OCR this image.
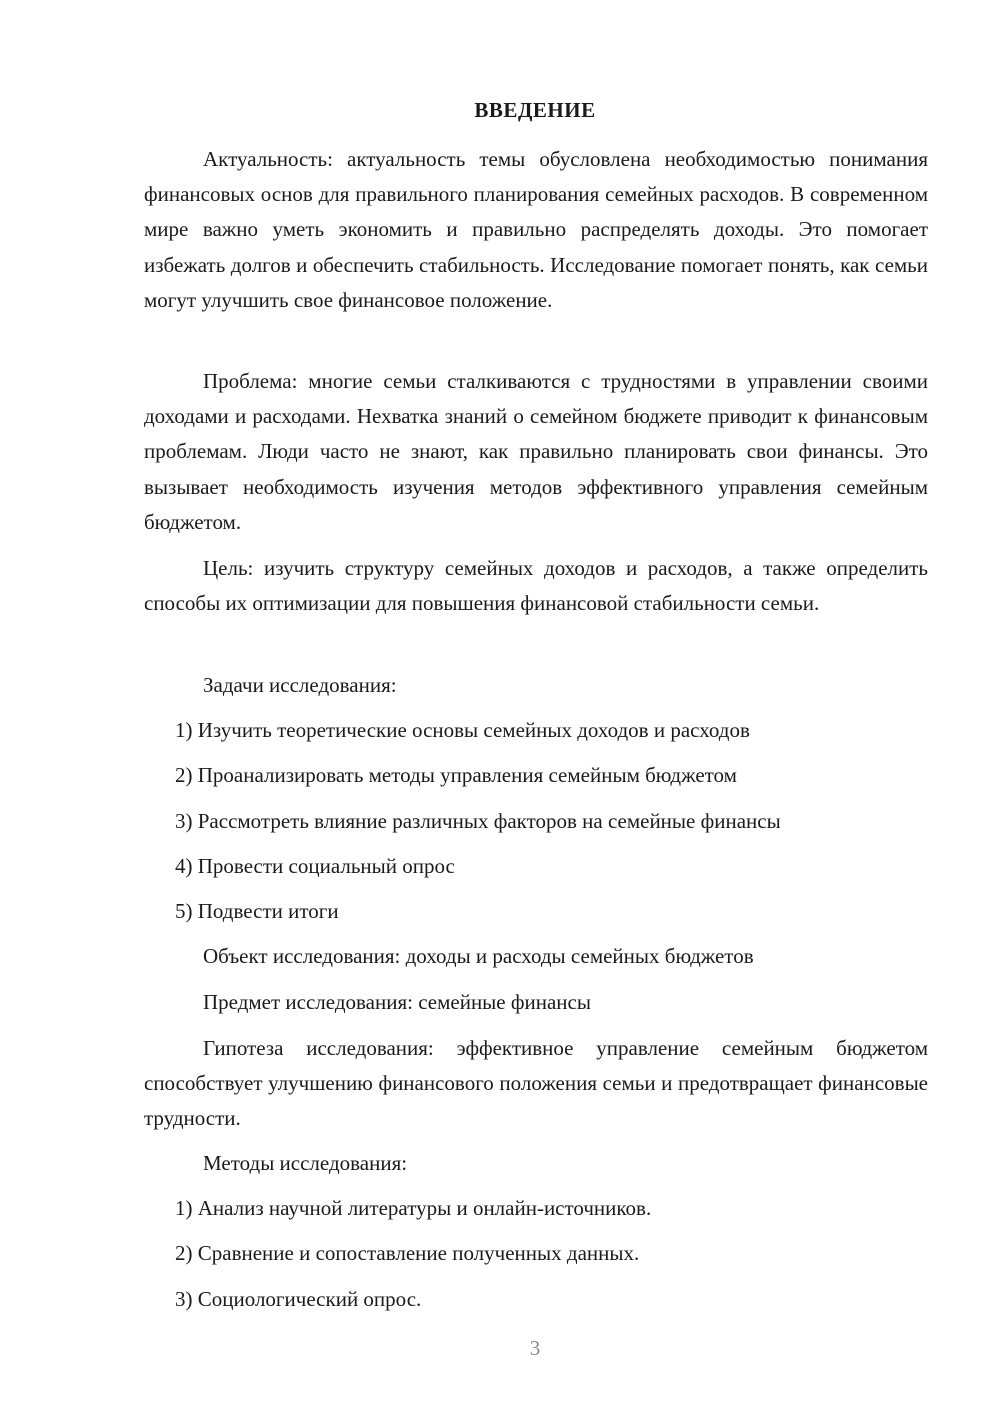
ВВЕДЕНИЕ
Актуальность: актуальность темы обусловлена необходимостью понимания финансовых основ для правильного планирования семейных расходов. В современном мире важно уметь экономить и правильно распределять доходы. Это помогает избежать долгов и обеспечить стабильность. Исследование помогает понять, как семьи могут улучшить свое финансовое положение.
Проблема: многие семьи сталкиваются с трудностями в управлении своими доходами и расходами. Нехватка знаний о семейном бюджете приводит к финансовым проблемам. Люди часто не знают, как правильно планировать свои финансы. Это вызывает необходимость изучения методов эффективного управления семейным бюджетом.
Цель: изучить структуру семейных доходов и расходов, а также определить способы их оптимизации для повышения финансовой стабильности семьи.
Задачи исследования:
1) Изучить теоретические основы семейных доходов и расходов
2) Проанализировать методы управления семейным бюджетом
3) Рассмотреть влияние различных факторов на семейные финансы
4) Провести социальный опрос
5) Подвести итоги
Объект исследования: доходы и расходы семейных бюджетов
Предмет исследования: семейные финансы
Гипотеза исследования: эффективное управление семейным бюджетом способствует улучшению финансового положения семьи и предотвращает финансовые трудности.
Методы исследования:
1) Анализ научной литературы и онлайн-источников.
2) Сравнение и сопоставление полученных данных.
3) Социологический опрос.
3
